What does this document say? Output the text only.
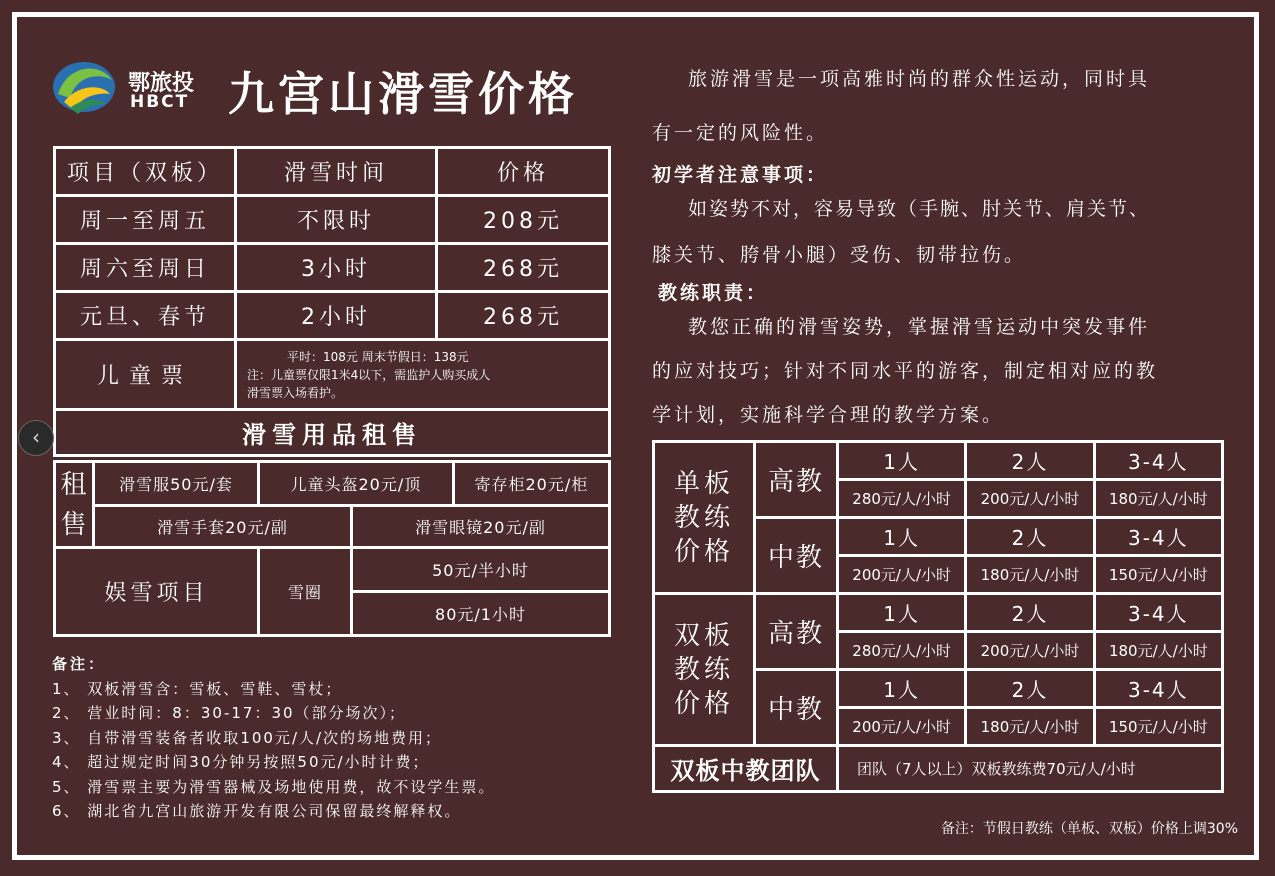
鄂旅投
HBCT 九宫山滑雪价格
项目（双板）	滑雪时间	价格
周一至周五	不限时	208元
周六至周日	3小时	268元
元旦、春节	2小时	268元
儿童票	平时：108元 周末节假日：138元
注：儿童票仅限1米4以下，需监护人购买成人
滑雪票入场看护。	

滑雪用品租售		
租
售	滑雪服50元/套	儿童头盔20元/顶		寄存柜20元/柜
	滑雪手套20元/副		滑雪眼镜20元/副	
娱雪项目		雪圈	50元/半小时	
			80元/1小时	
备注：
1、 双板滑雪含：雪板、雪鞋、雪杖；
2、 营业时间：8：30-17：30（部分场次）；
3、 自带滑雪装备者收取100元/人/次的场地费用；
4、 超过规定时间30分钟另按照50元/小时计费；
5、 滑雪票主要为滑雪器械及场地使用费，故不设学生票。
6、 湖北省九宫山旅游开发有限公司保留最终解释权。

旅游滑雪是一项高雅时尚的群众性运动，同时具

有一定的风险性。

初学者注意事项：

如姿势不对，容易导致（手腕、肘关节、肩关节、

膝关节、胯骨小腿）受伤、韧带拉伤。

教练职责：

教您正确的滑雪姿势，掌握滑雪运动中突发事件

的应对技巧；针对不同水平的游客，制定相对应的教

学计划，实施科学合理的教学方案。

单板
教练
价格	高教	1人	2人	3-4人
		280元/人/小时	200元/人/小时	180元/人/小时
	中教	1人	2人	3-4人
		200元/人/小时	180元/人/小时	150元/人/小时

双板
教练
价格	高教	1人	2人	3-4人
		280元/人/小时	200元/人/小时	180元/人/小时
	中教	1人	2人	3-4人
		200元/人/小时	180元/人/小时	150元/人/小时
双板中教团队		团队（7人以上）双板教练费70元/人/小时		
备注：节假日教练（单板、双板）价格上调30%
‹
